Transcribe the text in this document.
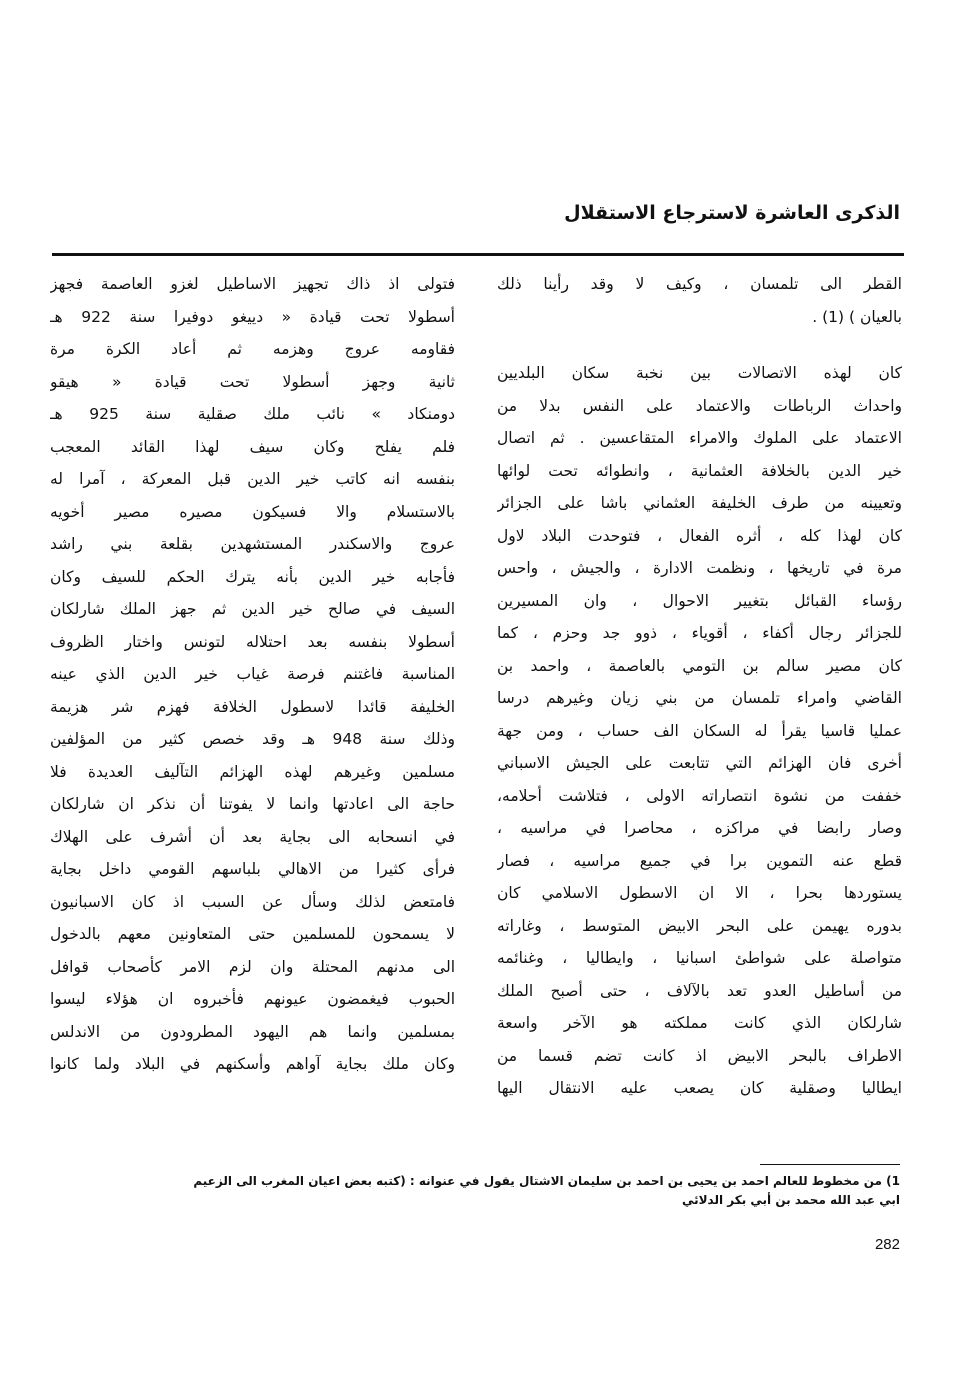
الذكرى العاشرة لاسترجاع الاستقلال
القطر الى تلمسان ، وكيف لا وقد رأينا ذلك
بالعيان ) (1) .
كان لهذه الاتصالات بين نخبة سكان البلديين
واحداث الرباطات والاعتماد على النفس بدلا من
الاعتماد على الملوك والامراء المتقاعسين . ثم اتصال
خير الدين بالخلافة العثمانية ، وانطوائه تحت لوائها
وتعيينه من طرف الخليفة العثماني باشا على الجزائر
كان لهذا كله ، أثره الفعال ، فتوحدت البلاد لاول
مرة في تاريخها ، ونظمت الادارة ، والجيش ، واحس
رؤساء القبائل بتغيير الاحوال ، وان المسيرين
للجزائر رجال أكفاء ، أقوياء ، ذوو جد وحزم ، كما
كان مصير سالم بن التومي بالعاصمة ، واحمد بن
القاضي وامراء تلمسان من بني زيان وغيرهم درسا
عمليا قاسيا يقرأ له السكان الف حساب ، ومن جهة
أخرى فان الهزائم التي تتابعت على الجيش الاسباني
خففت من نشوة انتصاراته الاولى ، فتلاشت أحلامه،
وصار رابضا في مراكزه ، محاصرا في مراسيه ،
قطع عنه التموين برا في جميع مراسيه ، فصار
يستوردها بحرا ، الا ان الاسطول الاسلامي كان
بدوره يهيمن على البحر الابيض المتوسط ، وغاراته
متواصلة على شواطئ اسبانيا ، وايطاليا ، وغنائمه
من أساطيل العدو تعد بالآلاف ، حتى أصبح الملك
شارلكان الذي كانت مملكته هو الآخر واسعة
الاطراف بالبحر الابيض اذ كانت تضم قسما من
ايطاليا وصقلية كان يصعب عليه الانتقال اليها
فتولى اذ ذاك تجهيز الاساطيل لغزو العاصمة فجهز
أسطولا تحت قيادة « دييغو دوفيرا سنة 922 هـ
فقاومه عروج وهزمه ثم أعاد الكرة مرة
ثانية وجهز أسطولا تحت قيادة « هيقو
دومنكاد » نائب ملك صقلية سنة 925 هـ
فلم يفلح وكان سيف لهذا القائد المعجب
بنفسه انه كاتب خير الدين قبل المعركة ، آمرا له
بالاستسلام والا فسيكون مصيره مصير أخويه
عروج والاسكندر المستشهدين بقلعة بني راشد
فأجابه خير الدين بأنه يترك الحكم للسيف وكان
السيف في صالح خير الدين ثم جهز الملك شارلكان
أسطولا بنفسه بعد احتلاله لتونس واختار الظروف
المناسبة فاغتنم فرصة غياب خير الدين الذي عينه
الخليفة قائدا لاسطول الخلافة فهزم شر هزيمة
وذلك سنة 948 هـ وقد خصص كثير من المؤلفين
مسلمين وغيرهم لهذه الهزائم التآليف العديدة فلا
حاجة الى اعادتها وانما لا يفوتنا أن نذكر ان شارلكان
في انسحابه الى بجاية بعد أن أشرف على الهلاك
فرأى كثيرا من الاهالي بلباسهم القومي داخل بجاية
فامتعض لذلك وسأل عن السبب اذ كان الاسبانيون
لا يسمحون للمسلمين حتى المتعاونين معهم بالدخول
الى مدنهم المحتلة وان لزم الامر كأصحاب قوافل
الحبوب فيغمضون عيونهم فأخبروه ان هؤلاء ليسوا
بمسلمين وانما هم اليهود المطرودون من الاندلس
وكان ملك بجاية آواهم وأسكنهم في البلاد ولما كانوا
1) من مخطوط للعالم احمد بن يحيى بن احمد بن سليمان الاشتال يقول في عنوانه : (كتبه بعض اعيان المغرب الى الزعيم
ابي عبد الله محمد بن أبي بكر الدلائي
282
